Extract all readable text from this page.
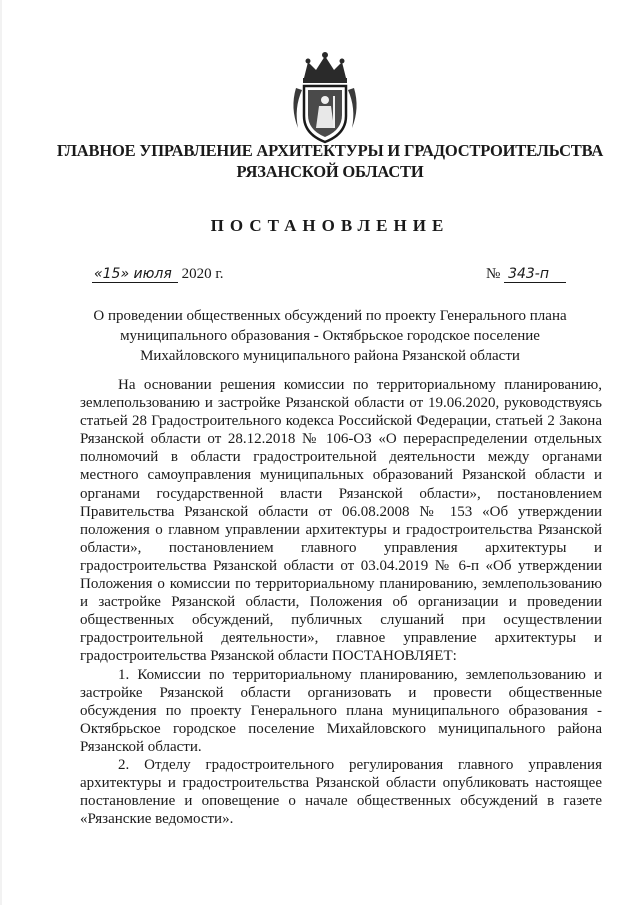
ГЛАВНОЕ УПРАВЛЕНИЕ АРХИТЕКТУРЫ И ГРАДОСТРОИТЕЛЬСТВА
РЯЗАНСКОЙ ОБЛАСТИ
ПОСТАНОВЛЕНИЕ
«15» июля 2020 г.	№ 343-п
О проведении общественных обсуждений по проекту Генерального плана
муниципального образования - Октябрьское городское поселение
Михайловского муниципального района Рязанской области

На основании решения комиссии по территориальному планированию, землепользованию и застройке Рязанской области от 19.06.2020, руководствуясь статьей 28 Градостроительного кодекса Российской Федерации, статьей 2 Закона Рязанской области от 28.12.2018 № 106-ОЗ «О перераспределении отдельных полномочий в области градостроительной деятельности между органами местного самоуправления муниципальных образований Рязанской области и органами государственной власти Рязанской области», постановлением Правительства Рязанской области от 06.08.2008 № 153 «Об утверждении положения о главном управлении архитектуры и градостроительства Рязанской области», постановлением главного управления архитектуры и градостроительства Рязанской области от 03.04.2019 № 6-п «Об утверждении Положения о комиссии по территориальному планированию, землепользованию и застройке Рязанской области, Положения об организации и проведении общественных обсуждений, публичных слушаний при осуществлении градостроительной деятельности», главное управление архитектуры и градостроительства Рязанской области ПОСТАНОВЛЯЕТ:

1. Комиссии по территориальному планированию, землепользованию и застройке Рязанской области организовать и провести общественные обсуждения по проекту Генерального плана муниципального образования - Октябрьское городское поселение Михайловского муниципального района Рязанской области.

2. Отделу градостроительного регулирования главного управления архитектуры и градостроительства Рязанской области опубликовать настоящее постановление и оповещение о начале общественных обсуждений в газете «Рязанские ведомости».
